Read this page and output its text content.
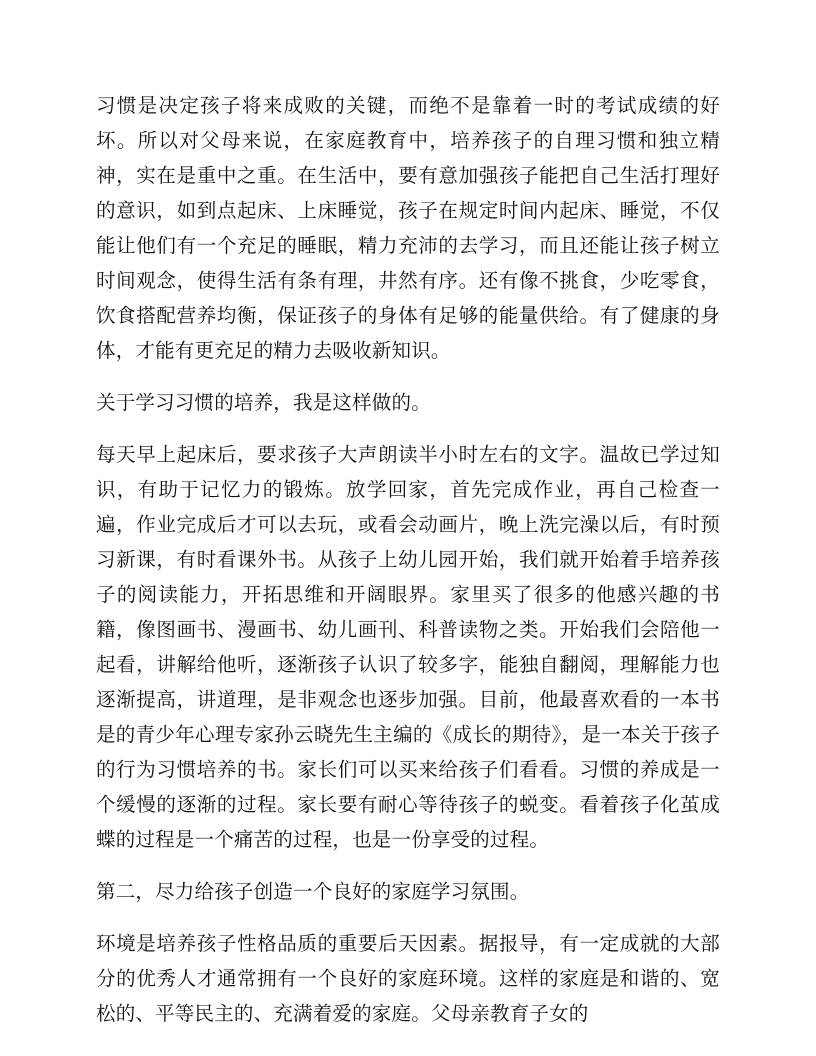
习惯是决定孩子将来成败的关键，而绝不是靠着一时的考试成绩的好坏。所以对父母来说，在家庭教育中，培养孩子的自理习惯和独立精神，实在是重中之重。在生活中，要有意加强孩子能把自己生活打理好的意识，如到点起床、上床睡觉，孩子在规定时间内起床、睡觉，不仅能让他们有一个充足的睡眠，精力充沛的去学习，而且还能让孩子树立时间观念，使得生活有条有理，井然有序。还有像不挑食，少吃零食，饮食搭配营养均衡，保证孩子的身体有足够的能量供给。有了健康的身体，才能有更充足的精力去吸收新知识。

关于学习习惯的培养，我是这样做的。

每天早上起床后，要求孩子大声朗读半小时左右的文字。温故已学过知识，有助于记忆力的锻炼。放学回家，首先完成作业，再自己检查一遍，作业完成后才可以去玩，或看会动画片，晚上洗完澡以后，有时预习新课，有时看课外书。从孩子上幼儿园开始，我们就开始着手培养孩子的阅读能力，开拓思维和开阔眼界。家里买了很多的他感兴趣的书籍，像图画书、漫画书、幼儿画刊、科普读物之类。开始我们会陪他一起看，讲解给他听，逐渐孩子认识了较多字，能独自翻阅，理解能力也逐渐提高，讲道理，是非观念也逐步加强。目前，他最喜欢看的一本书是的青少年心理专家孙云晓先生主编的《成长的期待》，是一本关于孩子的行为习惯培养的书。家长们可以买来给孩子们看看。习惯的养成是一个缓慢的逐渐的过程。家长要有耐心等待孩子的蜕变。看着孩子化茧成蝶的过程是一个痛苦的过程，也是一份享受的过程。

第二，尽力给孩子创造一个良好的家庭学习氛围。

环境是培养孩子性格品质的重要后天因素。据报导，有一定成就的大部分的优秀人才通常拥有一个良好的家庭环境。这样的家庭是和谐的、宽松的、平等民主的、充满着爱的家庭。父母亲教育子女的
